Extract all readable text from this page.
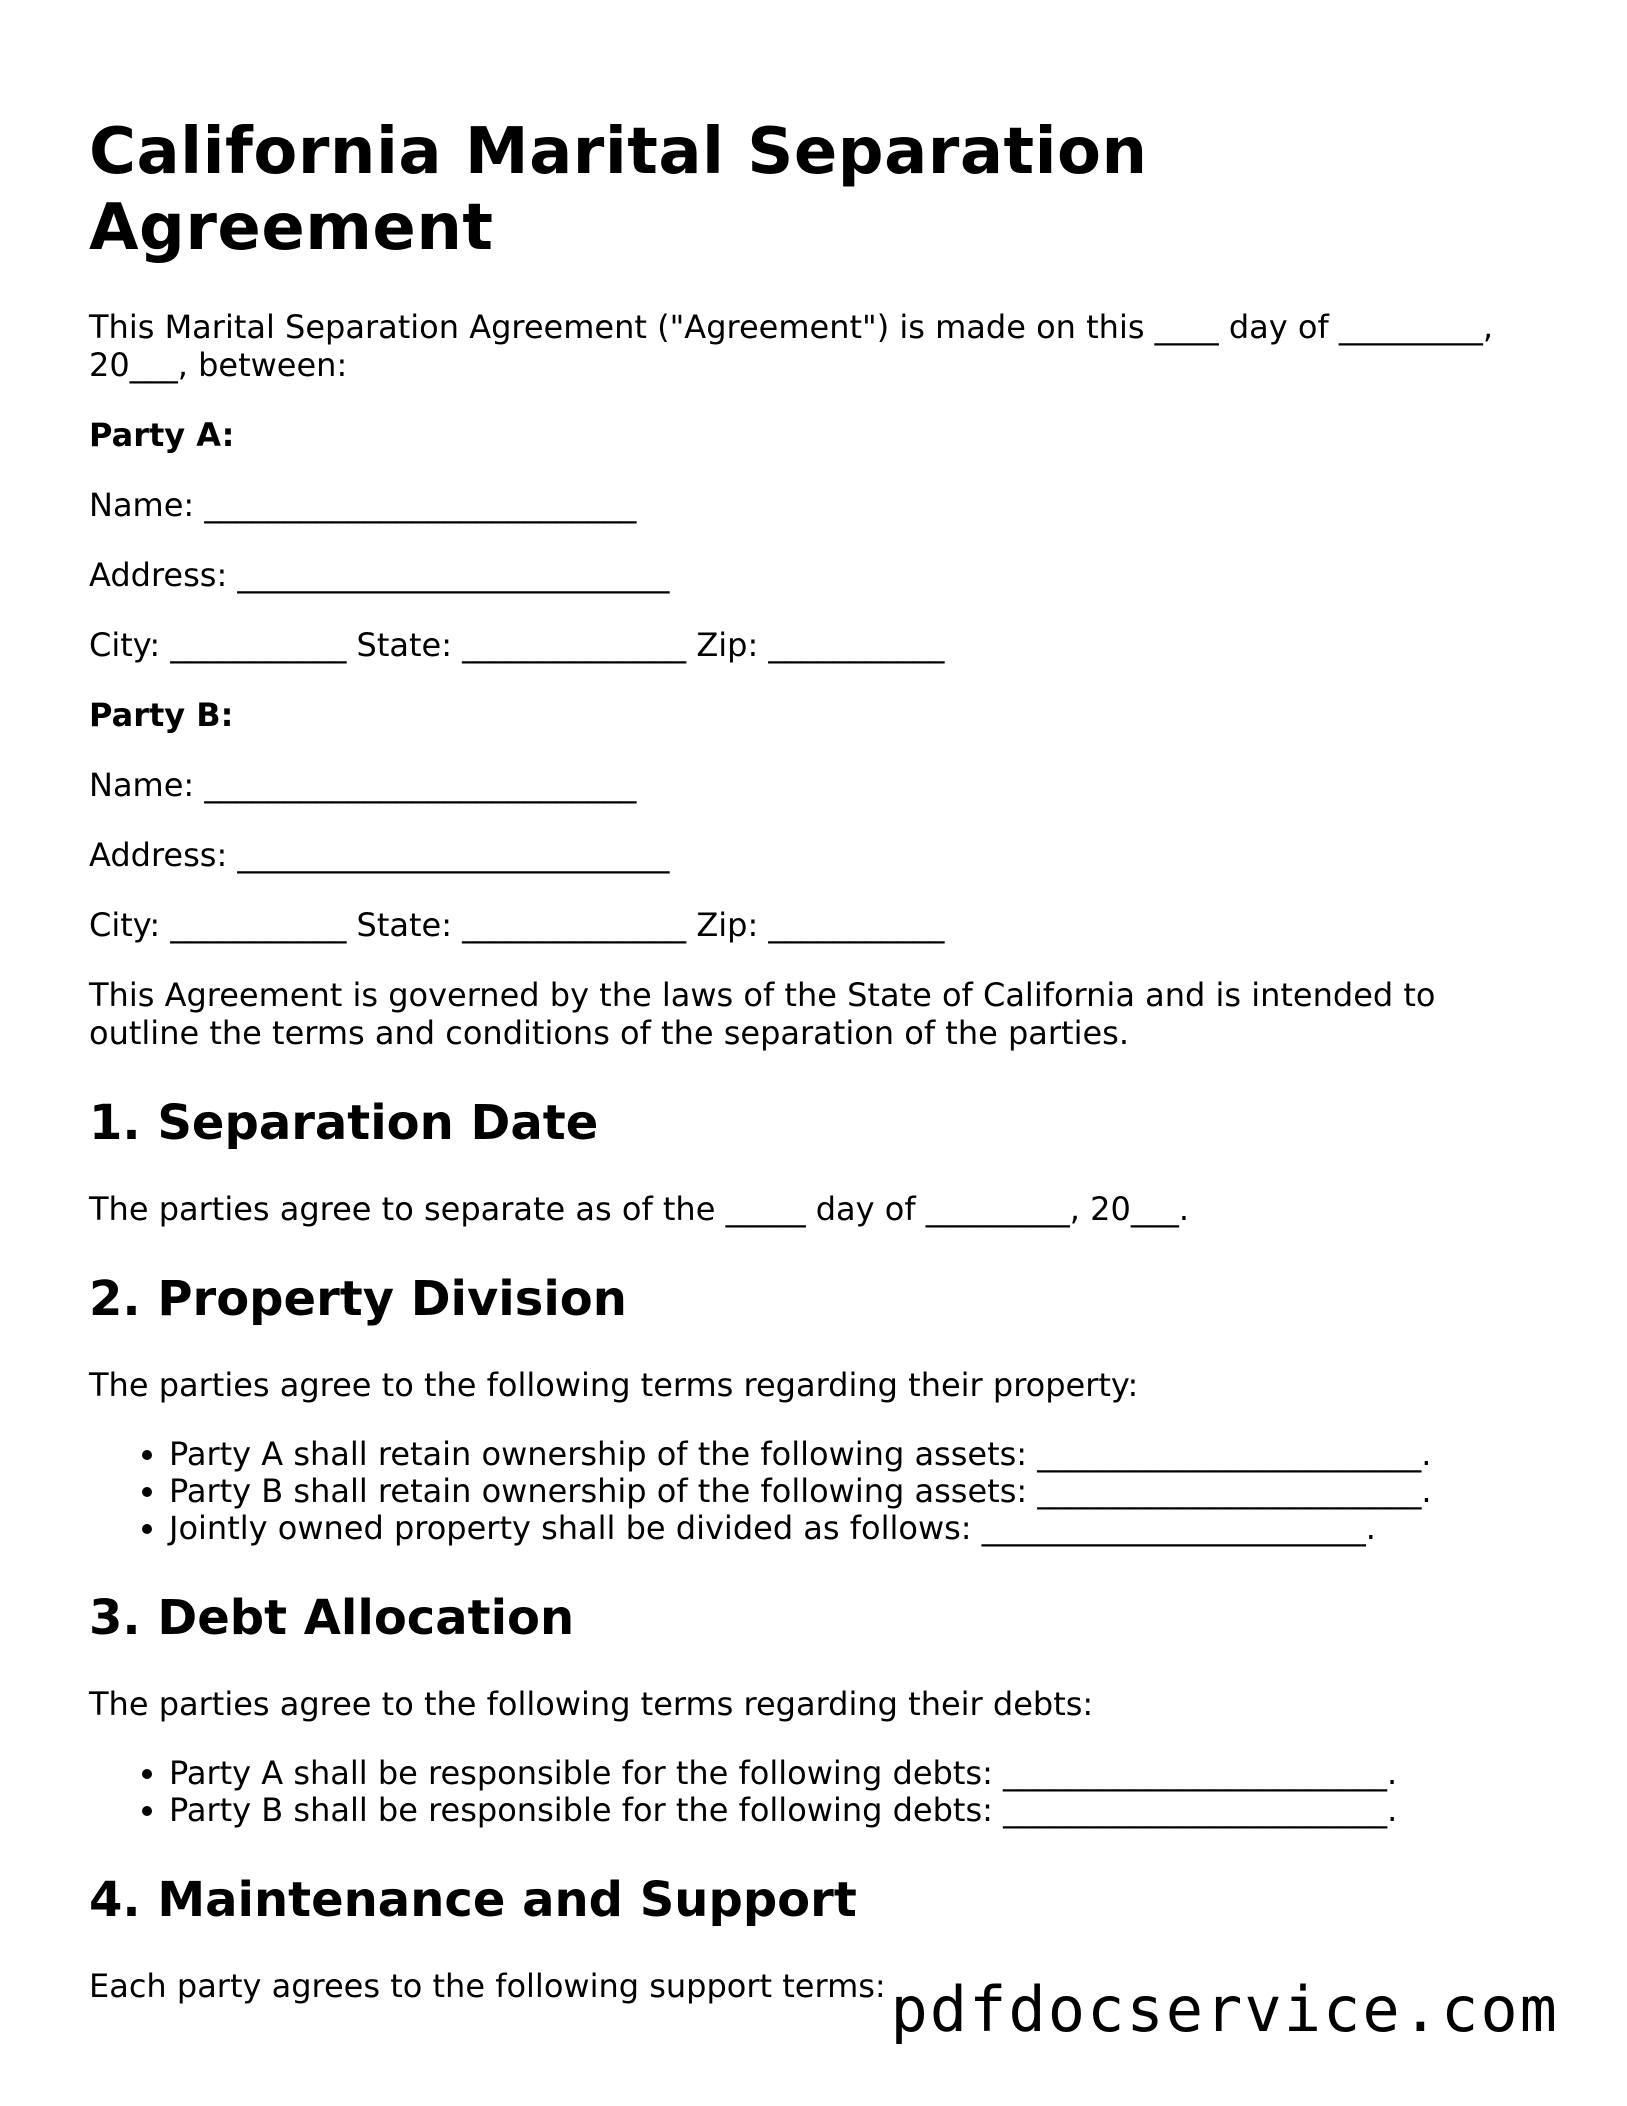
California Marital Separation Agreement

This Marital Separation Agreement ("Agreement") is made on this ____ day of _________, 20___, between:

Party A:

Name: ___________________________
Address: ___________________________
City: ___________ State: ______________ Zip: ___________

Party B:

Name: ___________________________
Address: ___________________________
City: ___________ State: ______________ Zip: ___________

This Agreement is governed by the laws of the State of California and is intended to outline the terms and conditions of the separation of the parties.

1. Separation Date

The parties agree to separate as of the _____ day of _________, 20___.

2. Property Division

The parties agree to the following terms regarding their property:

• Party A shall retain ownership of the following assets: ________________________.
• Party B shall retain ownership of the following assets: ________________________.
• Jointly owned property shall be divided as follows: ________________________.
3. Debt Allocation

The parties agree to the following terms regarding their debts:

• Party A shall be responsible for the following debts: ________________________.
• Party B shall be responsible for the following debts: ________________________.
4. Maintenance and Support

Each party agrees to the following support terms: pdfdocservice.com
